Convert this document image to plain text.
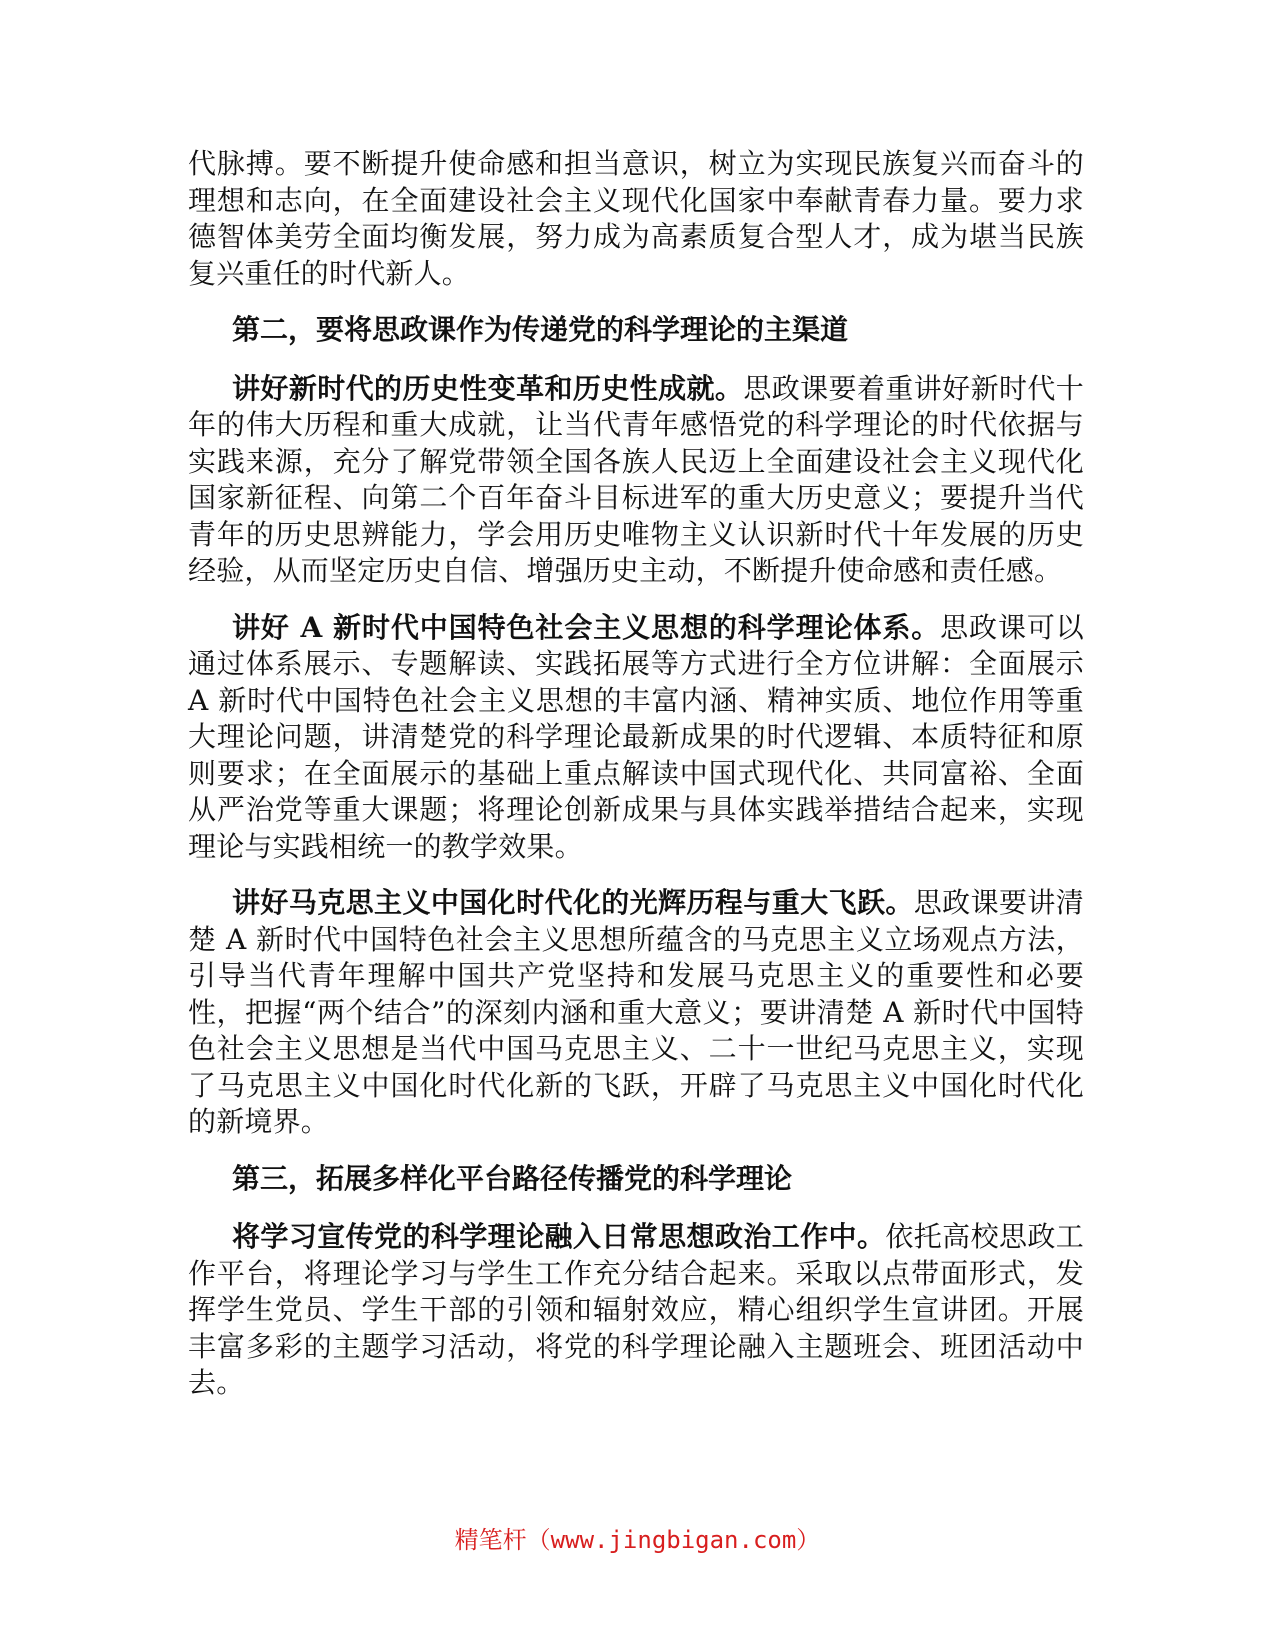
代脉搏。要不断提升使命感和担当意识，树立为实现民族复兴而奋斗的理想和志向，在全面建设社会主义现代化国家中奉献青春力量。要力求德智体美劳全面均衡发展，努力成为高素质复合型人才，成为堪当民族复兴重任的时代新人。

第二，要将思政课作为传递党的科学理论的主渠道

讲好新时代的历史性变革和历史性成就。思政课要着重讲好新时代十年的伟大历程和重大成就，让当代青年感悟党的科学理论的时代依据与实践来源，充分了解党带领全国各族人民迈上全面建设社会主义现代化国家新征程、向第二个百年奋斗目标进军的重大历史意义；要提升当代青年的历史思辨能力，学会用历史唯物主义认识新时代十年发展的历史经验，从而坚定历史自信、增强历史主动，不断提升使命感和责任感。

讲好 A 新时代中国特色社会主义思想的科学理论体系。思政课可以通过体系展示、专题解读、实践拓展等方式进行全方位讲解：全面展示 A 新时代中国特色社会主义思想的丰富内涵、精神实质、地位作用等重大理论问题，讲清楚党的科学理论最新成果的时代逻辑、本质特征和原则要求；在全面展示的基础上重点解读中国式现代化、共同富裕、全面从严治党等重大课题；将理论创新成果与具体实践举措结合起来，实现理论与实践相统一的教学效果。

讲好马克思主义中国化时代化的光辉历程与重大飞跃。思政课要讲清楚 A 新时代中国特色社会主义思想所蕴含的马克思主义立场观点方法，引导当代青年理解中国共产党坚持和发展马克思主义的重要性和必要性，把握“两个结合”的深刻内涵和重大意义；要讲清楚 A 新时代中国特色社会主义思想是当代中国马克思主义、二十一世纪马克思主义，实现了马克思主义中国化时代化新的飞跃，开辟了马克思主义中国化时代化的新境界。

第三，拓展多样化平台路径传播党的科学理论

将学习宣传党的科学理论融入日常思想政治工作中。依托高校思政工作平台，将理论学习与学生工作充分结合起来。采取以点带面形式，发挥学生党员、学生干部的引领和辐射效应，精心组织学生宣讲团。开展丰富多彩的主题学习活动，将党的科学理论融入主题班会、班团活动中去。

精笔杆（www.jingbigan.com）
